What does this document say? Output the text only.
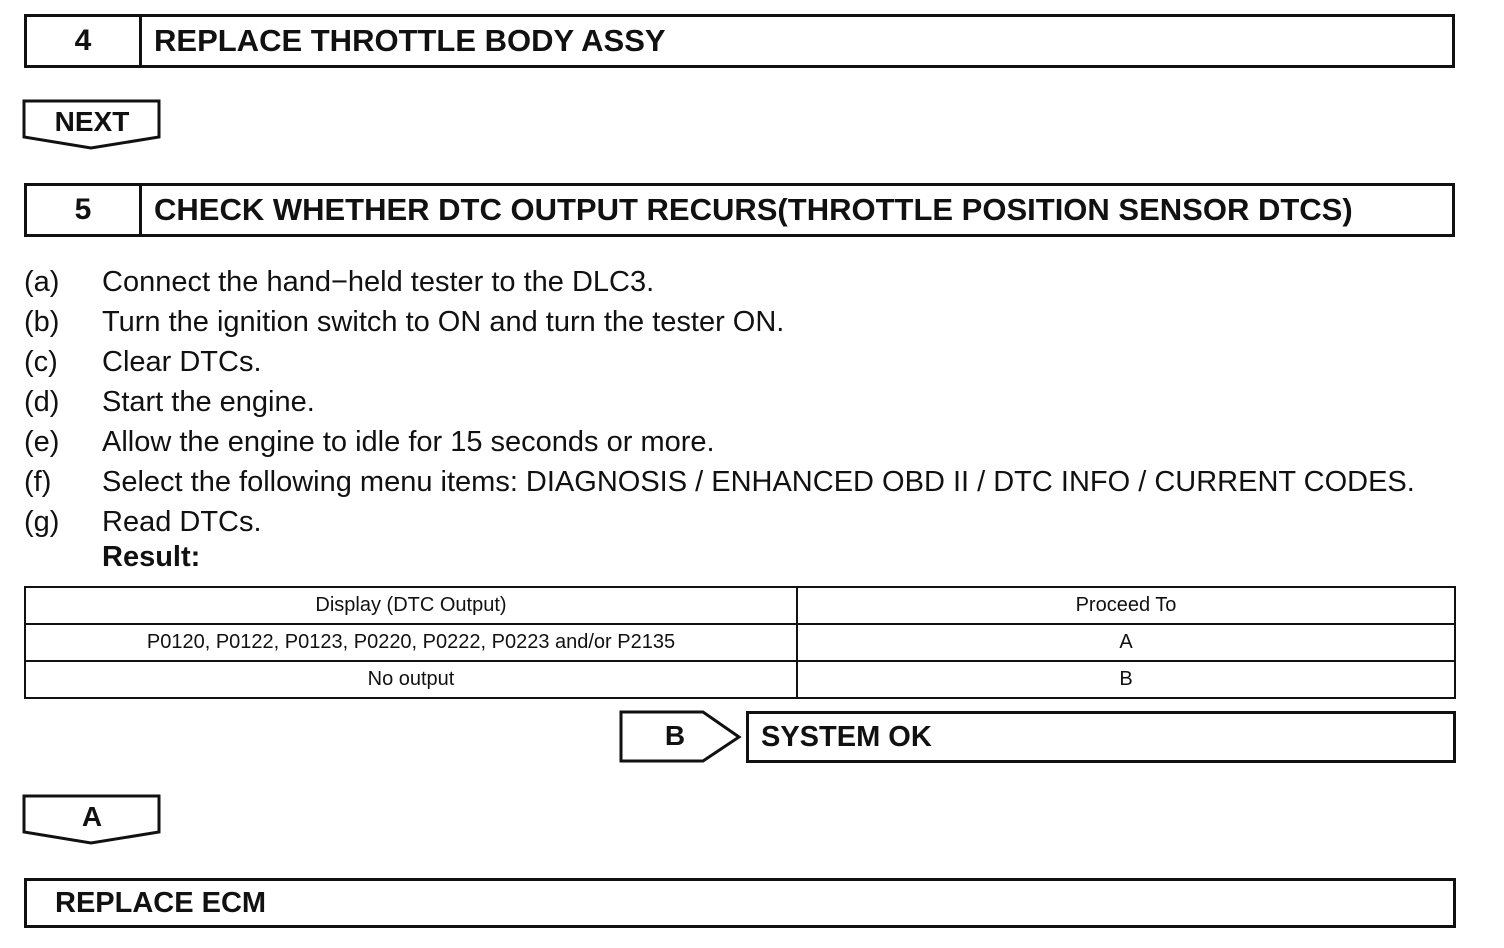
4	REPLACE THROTTLE BODY ASSY
NEXT
5	CHECK WHETHER DTC OUTPUT RECURS(THROTTLE POSITION SENSOR DTCS)
(a)	Connect the hand−held tester to the DLC3.
(b)	Turn the ignition switch to ON and turn the tester ON.
(c)	Clear DTCs.
(d)	Start the engine.
(e)	Allow the engine to idle for 15 seconds or more.
(f)	Select the following menu items: DIAGNOSIS / ENHANCED OBD II / DTC INFO / CURRENT CODES.
(g)	Read DTCs.
Result:
Display (DTC Output)	Proceed To
P0120, P0122, P0123, P0220, P0222, P0223 and/or P2135	A
No output	B
B	SYSTEM OK
A
REPLACE ECM
